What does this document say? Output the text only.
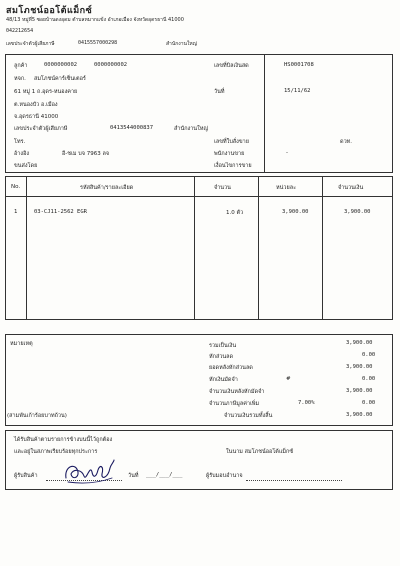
สมโภชน์ออโต้แม็กซ์
48/13 หมู่ที่5 ซอยบ้านดงอุดม ตำบลหมากแข้ง อำเภอเมือง จังหวัดอุดรธานี 41000
042212654
เลขประจำตัวผู้เสียภาษี	0415557000298	สำนักงานใหญ่
ลูกค้า	0000000002	0000000002
หจก. สมโภชน์คาร์เซ็นเตอร์
61 หมู่ 1 ถ.อุดร-หนองคาย
ต.หนองบัว อ.เมือง
จ.อุดรธานี 41000
เลขประจำตัวผู้เสียภาษี	0413544000837	สำนักงานใหญ่
โทร.
อ้างอิง	อี-ชเม บจ 7963 ลจ
ขนส่งโดย
เลขที่บิลเงินสด	HS0001708
วันที่	15/11/62
เลขที่ใบสั่งขาย	ดวท.
พนักงานขาย	-
เงื่อนไขการขาย
No.	รหัสสินค้า/รายละเอียด	จำนวน	หน่วยละ	จำนวนเงิน
1	03-CJ11-2562 EGR	1.0 ตัว	3,900.00	3,900.00
หมายเหตุ
(สามพันเก้าร้อยบาทถ้วน)
รวมเป็นเงิน	3,900.00
หักส่วนลด	0.00
ยอดหลังหักส่วนลด	3,900.00
หักเงินมัดจำ	#	0.00
จำนวนเงินหลังหักมัดจำ	3,900.00
จำนวนภาษีมูลค่าเพิ่ม	7.00%	0.00
จำนวนเงินรวมทั้งสิ้น	3,900.00
ได้รับสินค้าตามรายการข้างบนนี้ไว้ถูกต้อง
และอยู่ในสภาพเรียบร้อยทุกประการ	ในนาม สมโภชน์ออโต้แม็กซ์
ผู้รับสินค้า	วันที่ ___/___/___	ผู้รับมอบอำนาจ
